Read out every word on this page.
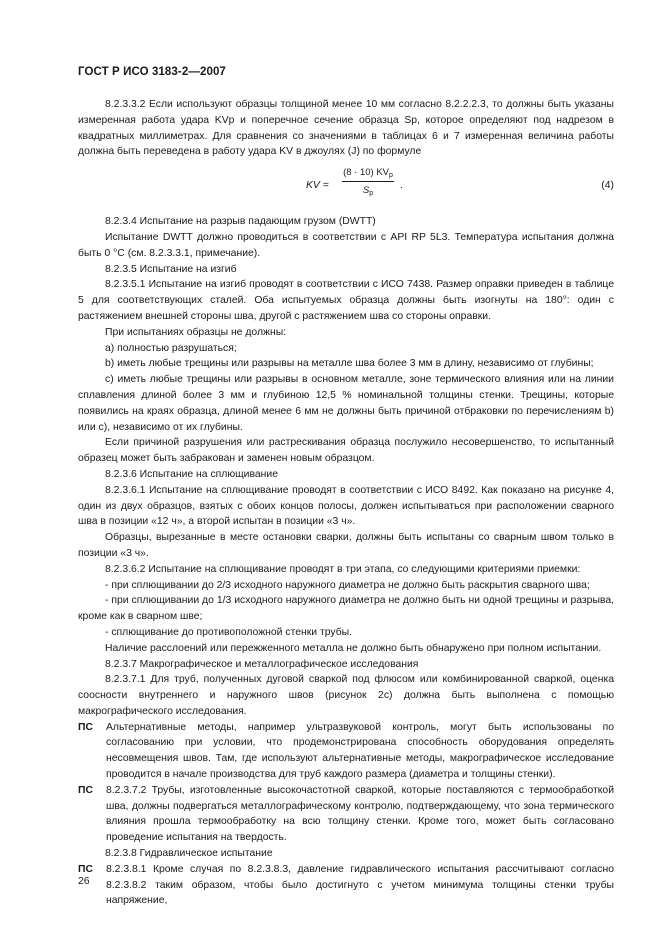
ГОСТ Р ИСО 3183-2—2007

8.2.3.3.2 Если используют образцы толщиной менее 10 мм согласно 8.2.2.2.3, то должны быть указаны измеренная работа удара KVp и поперечное сечение образца Sp, которое определяют под надрезом в квадратных миллиметрах. Для сравнения со значениями в таблицах 6 и 7 измеренная величина работы должна быть переведена в работу удара KV в джоулях (J) по формуле

KV =
(8 · 10) $KV_p$
$S_p$
.	(4)

8.2.3.4 Испытание на разрыв падающим грузом (DWTT)

Испытание DWTT должно проводиться в соответствии с API RP 5L3. Температура испытания должна быть 0 °C (см. 8.2.3.3.1, примечание).

8.2.3.5 Испытание на изгиб

8.2.3.5.1 Испытание на изгиб проводят в соответствии с ИСО 7438. Размер оправки приведен в таблице 5 для соответствующих сталей. Оба испытуемых образца должны быть изогнуты на 180°: один с растяжением внешней стороны шва, другой с растяжением шва со стороны оправки.

При испытаниях образцы не должны:

a) полностью разрушаться;

b) иметь любые трещины или разрывы на металле шва более 3 мм в длину, независимо от глубины;

c) иметь любые трещины или разрывы в основном металле, зоне термического влияния или на линии сплавления длиной более 3 мм и глубиною 12,5 % номинальной толщины стенки. Трещины, которые появились на краях образца, длиной менее 6 мм не должны быть причиной отбраковки по перечислениям b) или c), независимо от их глубины.

Если причиной разрушения или растрескивания образца послужило несовершенство, то испытанный образец может быть забракован и заменен новым образцом.

8.2.3.6 Испытание на сплющивание

8.2.3.6.1 Испытание на сплющивание проводят в соответствии с ИСО 8492. Как показано на рисунке 4, один из двух образцов, взятых с обоих концов полосы, должен испытываться при расположении сварного шва в позиции «12 ч», а второй испытан в позиции «3 ч».

Образцы, вырезанные в месте остановки сварки, должны быть испытаны со сварным швом только в позиции «3 ч».

8.2.3.6.2 Испытание на сплющивание проводят в три этапа, со следующими критериями приемки:

- при сплющивании до 2/3 исходного наружного диаметра не должно быть раскрытия сварного шва;

- при сплющивании до 1/3 исходного наружного диаметра не должно быть ни одной трещины и разрыва, кроме как в сварном шве;

- сплющивание до противоположной стенки трубы.

Наличие расслоений или пережженного металла не должно быть обнаружено при полном испытании.

8.2.3.7 Макрографическое и металлографическое исследования

8.2.3.7.1 Для труб, полученных дуговой сваркой под флюсом или комбинированной сваркой, оценка соосности внутреннего и наружного швов (рисунок 2с) должна быть выполнена с помощью макрографического исследования.

ПС	Альтернативные методы, например ультразвуковой контроль, могут быть использованы по согласованию при условии, что продемонстрирована способность оборудования определять несовмещения швов. Там, где используют альтернативные методы, макрографическое исследование проводится в начале производства для труб каждого размера (диаметра и толщины стенки).
ПС	8.2.3.7.2 Трубы, изготовленные высокочастотной сваркой, которые поставляются с термообработкой шва, должны подвергаться металлографическому контролю, подтверждающему, что зона термического влияния прошла термообработку на всю толщину стенки. Кроме того, может быть согласовано проведение испытания на твердость.

8.2.3.8 Гидравлическое испытание

ПС	8.2.3.8.1 Кроме случая по 8.2.3.8.3, давление гидравлического испытания рассчитывают согласно 8.2.3.8.2 таким образом, чтобы было достигнуто с учетом минимума толщины стенки трубы напряжение,
26
